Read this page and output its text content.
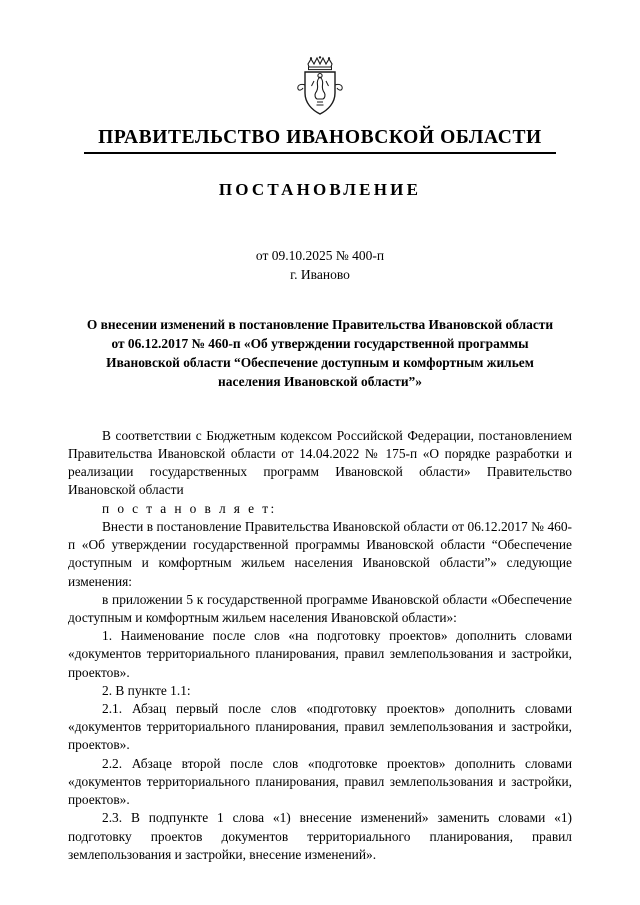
ПРАВИТЕЛЬСТВО ИВАНОВСКОЙ ОБЛАСТИ
ПОСТАНОВЛЕНИЕ
от 09.10.2025 № 400-п
г. Иваново
О внесении изменений в постановление Правительства Ивановской области от 06.12.2017 № 460-п «Об утверждении государственной программы Ивановской области “Обеспечение доступным и комфортным жильем населения Ивановской области”»

В соответствии с Бюджетным кодексом Российской Федерации, постановлением Правительства Ивановской области от 14.04.2022 № 175-п «О порядке разработки и реализации государственных программ Ивановской области» Правительство Ивановской области

п о с т а н о в л я е т:

Внести в постановление Правительства Ивановской области от 06.12.2017 № 460-п «Об утверждении государственной программы Ивановской области “Обеспечение доступным и комфортным жильем населения Ивановской области”» следующие изменения:

в приложении 5 к государственной программе Ивановской области «Обеспечение доступным и комфортным жильем населения Ивановской области»:

1. Наименование после слов «на подготовку проектов» дополнить словами «документов территориального планирования, правил землепользования и застройки, проектов».

2. В пункте 1.1:

2.1. Абзац первый после слов «подготовку проектов» дополнить словами «документов территориального планирования, правил землепользования и застройки, проектов».

2.2. Абзаце второй после слов «подготовке проектов» дополнить словами «документов территориального планирования, правил землепользования и застройки, проектов».

2.3. В подпункте 1 слова «1) внесение изменений» заменить словами «1) подготовку проектов документов территориального планирования, правил землепользования и застройки, внесение изменений».
